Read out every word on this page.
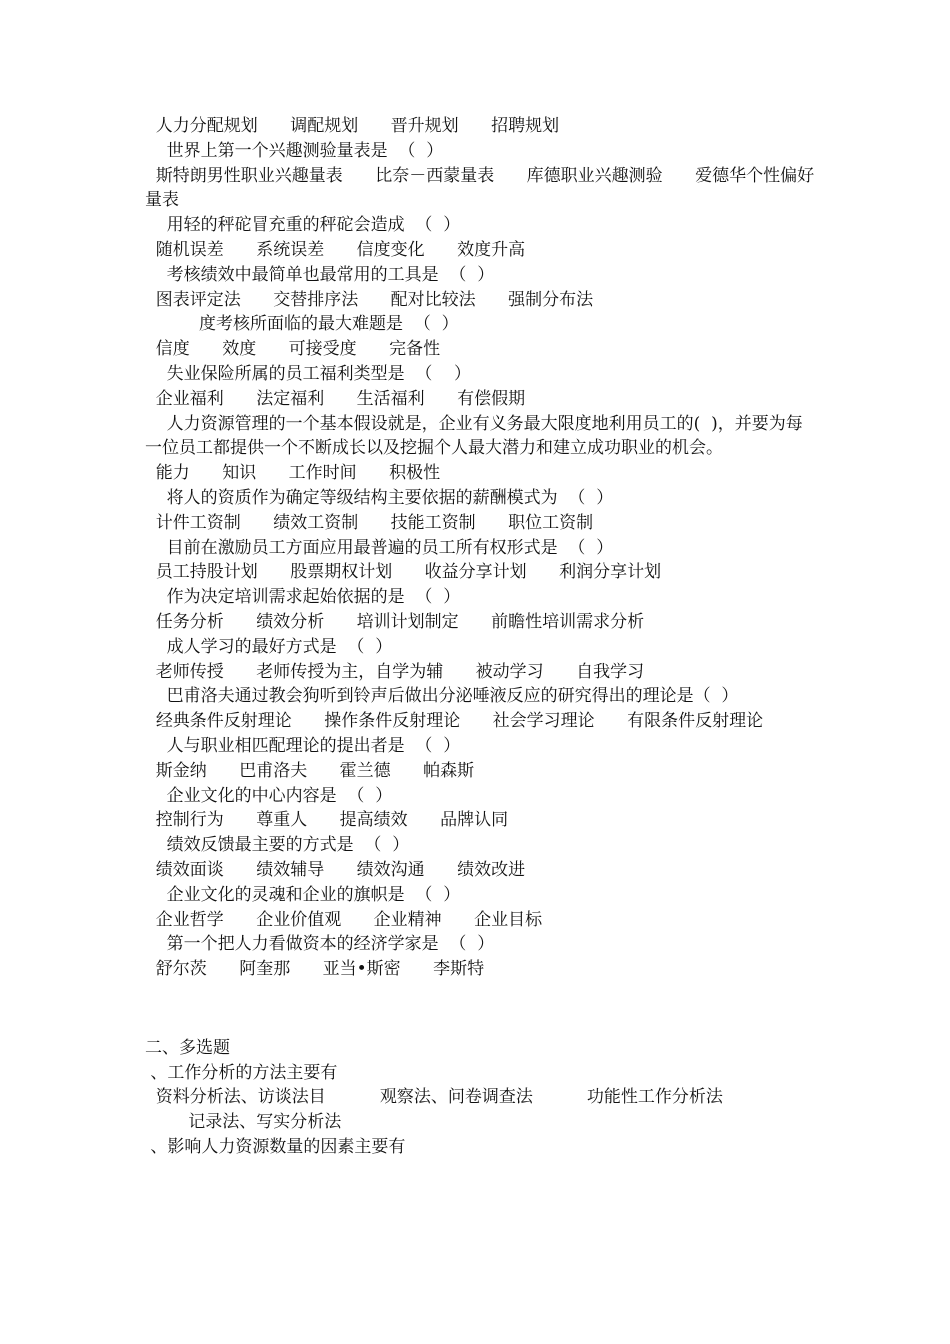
人力分配规划      调配规划      晋升规划      招聘规划
世界上第一个兴趣测验量表是  （  ）
斯特朗男性职业兴趣量表      比奈－西蒙量表      库德职业兴趣测验      爱德华个性偏好量表
用轻的秤砣冒充重的秤砣会造成  （  ）
随机误差      系统误差      信度变化      效度升高
考核绩效中最简单也最常用的工具是  （  ）
图表评定法      交替排序法      配对比较法      强制分布法
度考核所面临的最大难题是  （  ）
信度      效度      可接受度      完备性
失业保险所属的员工福利类型是  （    ）
企业福利      法定福利      生活福利      有偿假期
人力资源管理的一个基本假设就是，企业有义务最大限度地利用员工的(  )，并要为每一位员工都提供一个不断成长以及挖掘个人最大潜力和建立成功职业的机会。
能力      知识      工作时间      积极性
将人的资质作为确定等级结构主要依据的薪酬模式为  （  ）
计件工资制      绩效工资制      技能工资制      职位工资制
目前在激励员工方面应用最普遍的员工所有权形式是  （  ）
员工持股计划      股票期权计划      收益分享计划      利润分享计划
作为决定培训需求起始依据的是  （  ）
任务分析      绩效分析      培训计划制定      前瞻性培训需求分析
成人学习的最好方式是  （  ）
老师传授      老师传授为主，自学为辅      被动学习      自我学习
巴甫洛夫通过教会狗听到铃声后做出分泌唾液反应的研究得出的理论是（  ）
经典条件反射理论      操作条件反射理论      社会学习理论      有限条件反射理论
人与职业相匹配理论的提出者是  （  ）
斯金纳      巴甫洛夫      霍兰德      帕森斯
企业文化的中心内容是  （  ）
控制行为      尊重人      提高绩效      品牌认同
绩效反馈最主要的方式是  （  ）
绩效面谈      绩效辅导      绩效沟通      绩效改进
企业文化的灵魂和企业的旗帜是  （  ）
企业哲学      企业价值观      企业精神      企业目标
第一个把人力看做资本的经济学家是  （  ）
舒尔茨      阿奎那      亚当•斯密      李斯特
二、多选题
、工作分析的方法主要有
资料分析法、访谈法目          观察法、问卷调查法          功能性工作分析法
记录法、写实分析法
、影响人力资源数量的因素主要有
